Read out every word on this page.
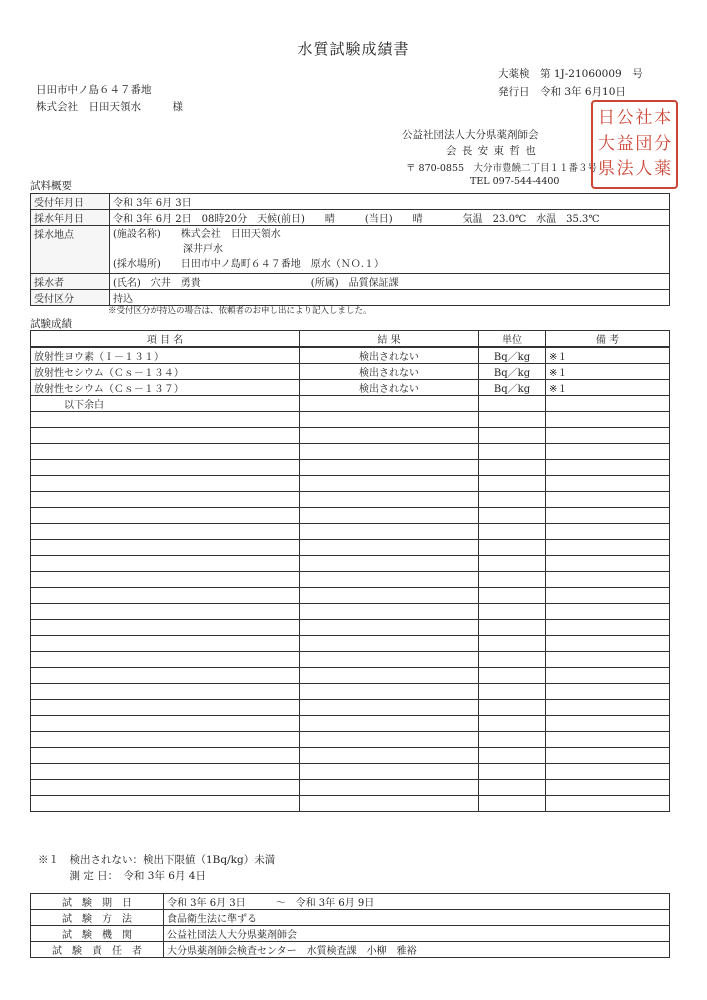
水質試験成績書
大薬検　第 1J-21060009　号
発行日　令和 3年 6月10日
日田市中ノ島６４７番地
株式会社　日田天領水　　　様
公益社団法人大分県薬剤師会
会 長 安 東 哲 也
〒 870-0855　大分市豊饒二丁目１１番３号
TEL 097-544-4400
日 公 社 本
大 益 団 分
県 法 人 薬
試料概要
受付年月日	令和 3年 6月 3日
採水年月日	令和 3年 6月 2日　08時20分　天候(前日)　　晴　　　(当日)　　晴　　　　気温　23.0℃　水温　35.3℃
採水地点	(施設名称)　　株式会社　日田天領水
　　　　　　　深井戸水
(採水場所)　　日田市中ノ島町６４７番地　原水（ＮＯ.１）

採水者	(氏名)　穴井　勇貴　　　　　　　　　　　(所属)　品質保証課
受付区分	持込
※受付区分が持込の場合は、依頼者のお申し出により記入しました。
試験成績
項 目 名	結 果	単位	備 考
放射性ヨウ素（Ｉ－１３１）	検出されない	Bq／kg	※１
放射性セシウム（Ｃｓ－１３４）	検出されない	Bq／kg	※１
放射性セシウム（Ｃｓ－１３７）	検出されない	Bq／kg	※１
　　　以下余白			

※１　検出されない：検出下限値（1Bq/kg）未満
　　　測 定 日：　令和 3年 6月 4日
試　験　期　日	令和 3年 6月 3日　　　～　令和 3年 6月 9日
試　験　方　法	食品衛生法に準ずる
試　験　機　関	公益社団法人大分県薬剤師会
試　験　責　任　者	大分県薬剤師会検査センター　水質検査課　小柳　雅裕
